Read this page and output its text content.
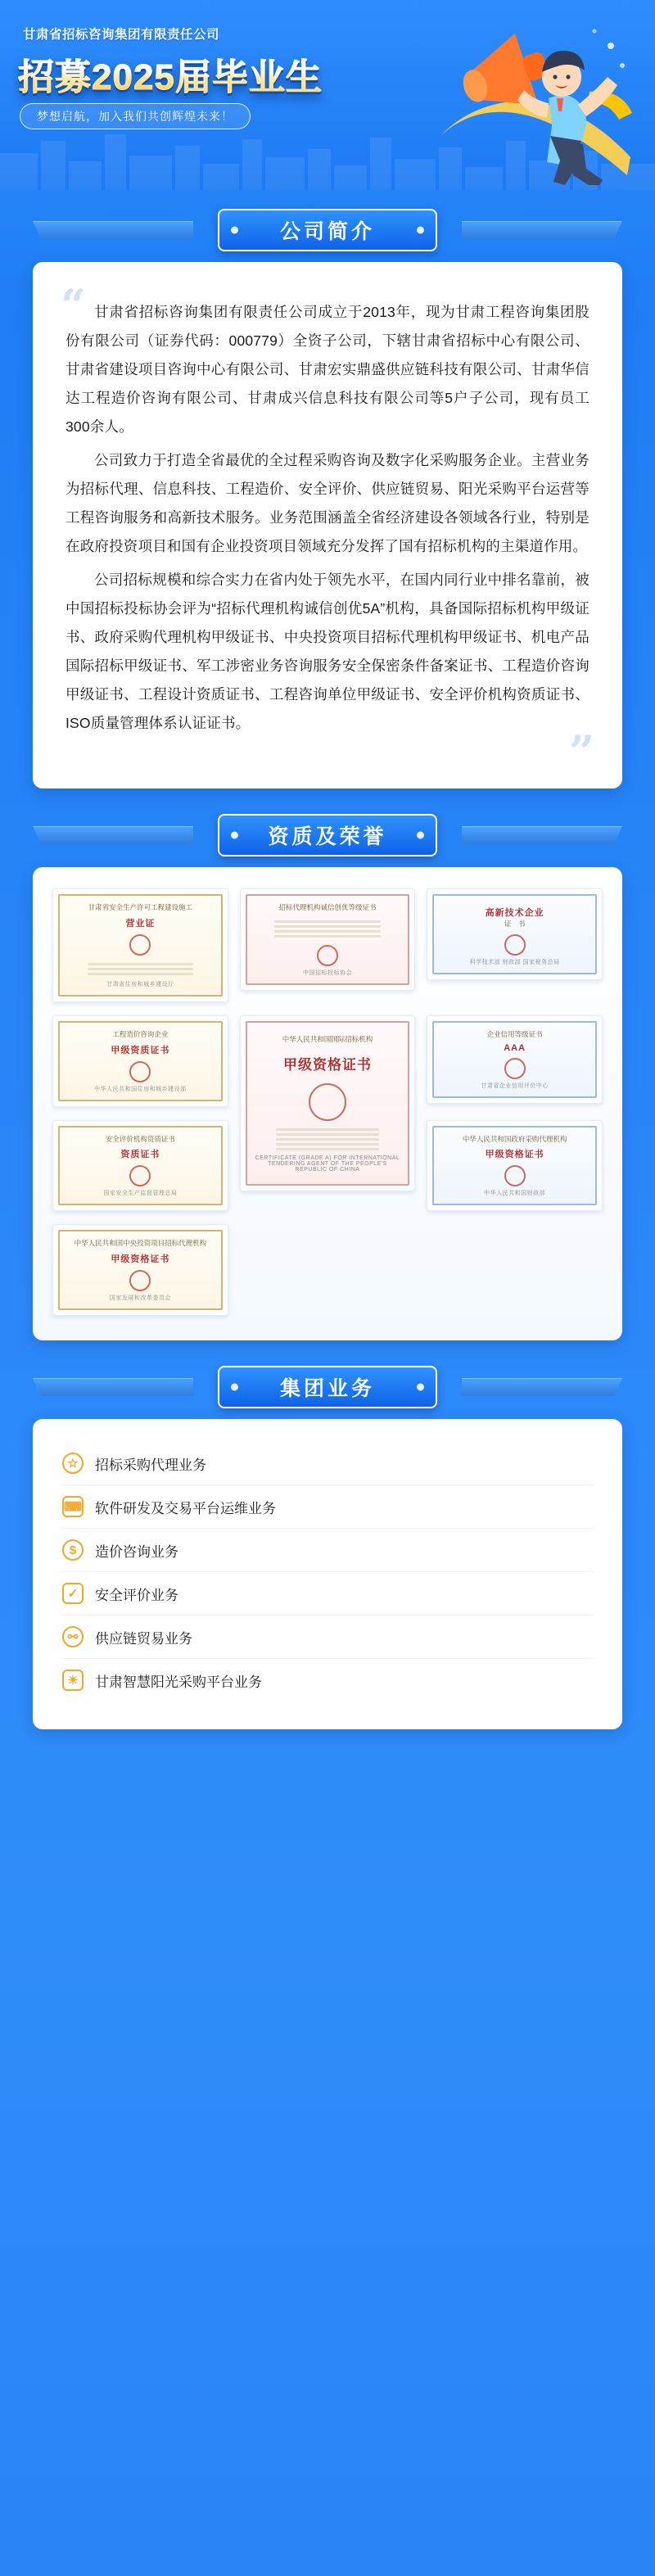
甘肃省招标咨询集团有限责任公司
招募2025届毕业生
梦想启航，加入我们共创辉煌未来！
公司简介
“ 甘肃省招标咨询集团有限责任公司成立于2013年，现为甘肃工程咨询集团股份有限公司（证券代码：000779）全资子公司，下辖甘肃省招标中心有限公司、甘肃省建设项目咨询中心有限公司、甘肃宏实鼎盛供应链科技有限公司、甘肃华信达工程造价咨询有限公司、甘肃成兴信息科技有限公司等5户子公司，现有员工300余人。

公司致力于打造全省最优的全过程采购咨询及数字化采购服务企业。主营业务为招标代理、信息科技、工程造价、安全评价、供应链贸易、阳光采购平台运营等工程咨询服务和高新技术服务。业务范围涵盖全省经济建设各领域各行业，特别是在政府投资项目和国有企业投资项目领域充分发挥了国有招标机构的主渠道作用。

公司招标规模和综合实力在省内处于领先水平，在国内同行业中排名靠前，被中国招标投标协会评为“招标代理机构诚信创优5A”机构，具备国际招标机构甲级证书、政府采购代理机构甲级证书、中央投资项目招标代理机构甲级证书、机电产品国际招标甲级证书、军工涉密业务咨询服务安全保密条件备案证书、工程造价咨询甲级证书、工程设计资质证书、工程咨询单位甲级证书、安全评价机构资质证书、ISO质量管理体系认证证书。

”
资质及荣誉
甘肃省安全生产许可工程建设施工
营业证
甘肃省住房和城乡建设厅
招标代理机构诚信创优等级证书
中国招标投标协会
高新技术企业
证　书
科学技术部 财政部 国家税务总局
工程造价咨询企业
甲级资质证书
中华人民共和国住房和城乡建设部
中华人民共和国国际招标机构
甲级资格证书
CERTIFICATE (GRADE A) FOR INTERNATIONAL TENDERING AGENT OF THE PEOPLE'S REPUBLIC OF CHINA
企业信用等级证书
AAA
甘肃省企业信用评价中心
安全评价机构资质证书
资质证书
国家安全生产监督管理总局
中华人民共和国政府采购代理机构
甲级资格证书
中华人民共和国财政部
中华人民共和国中央投资项目招标代理机构
甲级资格证书
国家发展和改革委员会
集团业务
☆	招标采购代理业务
⌨ 软件研发及交易平台运维业务
$	造价咨询业务
✓	安全评价业务
⚯	供应链贸易业务
☀	甘肃智慧阳光采购平台业务
